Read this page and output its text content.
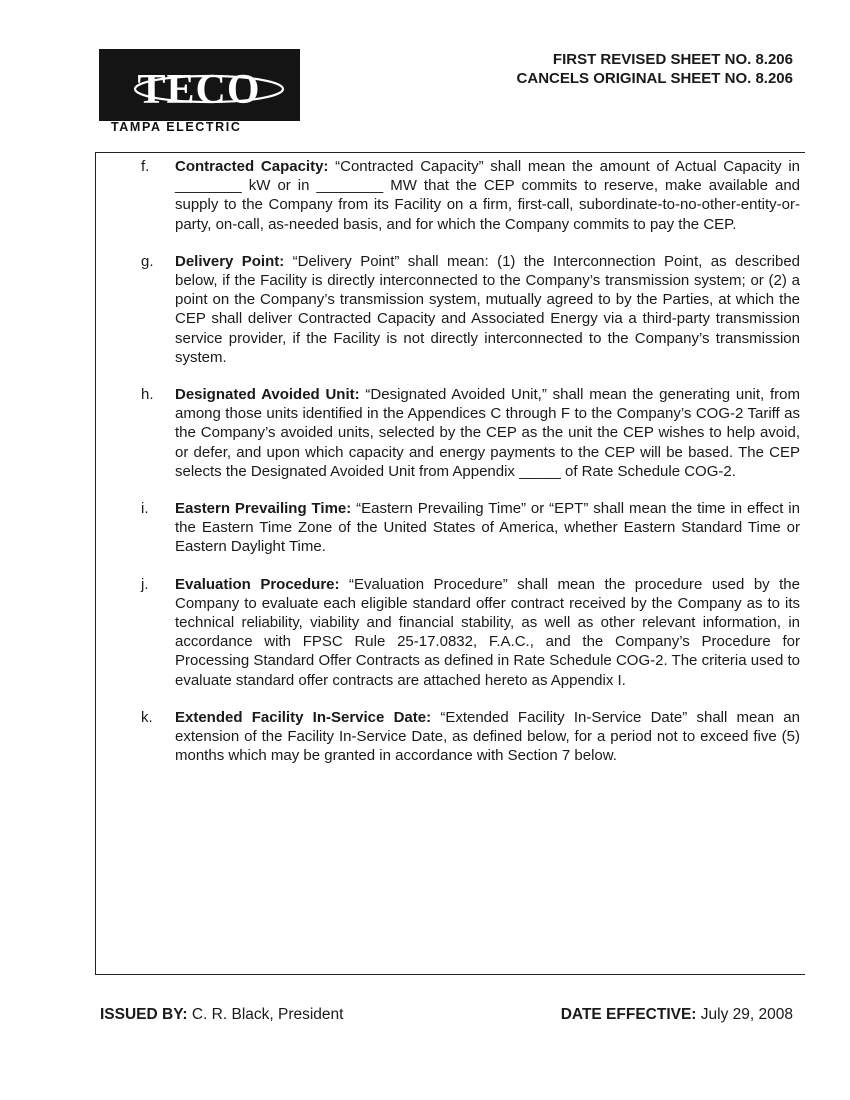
TECO
TAMPA ELECTRIC
FIRST REVISED SHEET NO. 8.206
CANCELS ORIGINAL SHEET NO. 8.206
f. Contracted Capacity: “Contracted Capacity” shall mean the amount of Actual Capacity in ________ kW or in ________ MW that the CEP commits to reserve, make available and supply to the Company from its Facility on a firm, first-call, subordinate-to-no-other-entity-or-party, on-call, as-needed basis, and for which the Company commits to pay the CEP.
g. Delivery Point: “Delivery Point” shall mean: (1) the Interconnection Point, as described below, if the Facility is directly interconnected to the Company’s transmission system; or (2) a point on the Company’s transmission system, mutually agreed to by the Parties, at which the CEP shall deliver Contracted Capacity and Associated Energy via a third-party transmission service provider, if the Facility is not directly interconnected to the Company’s transmission system.
h. Designated Avoided Unit: “Designated Avoided Unit,” shall mean the generating unit, from among those units identified in the Appendices C through F to the Company’s COG-2 Tariff as the Company’s avoided units, selected by the CEP as the unit the CEP wishes to help avoid, or defer, and upon which capacity and energy payments to the CEP will be based. The CEP selects the Designated Avoided Unit from Appendix _____ of Rate Schedule COG-2.
i. Eastern Prevailing Time: “Eastern Prevailing Time” or “EPT” shall mean the time in effect in the Eastern Time Zone of the United States of America, whether Eastern Standard Time or Eastern Daylight Time.
j. Evaluation Procedure: “Evaluation Procedure” shall mean the procedure used by the Company to evaluate each eligible standard offer contract received by the Company as to its technical reliability, viability and financial stability, as well as other relevant information, in accordance with FPSC Rule 25-17.0832, F.A.C., and the Company’s Procedure for Processing Standard Offer Contracts as defined in Rate Schedule COG-2. The criteria used to evaluate standard offer contracts are attached hereto as Appendix I.
k. Extended Facility In-Service Date: “Extended Facility In-Service Date” shall mean an extension of the Facility In-Service Date, as defined below, for a period not to exceed five (5) months which may be granted in accordance with Section 7 below.
ISSUED BY: C. R. Black, President	DATE EFFECTIVE: July 29, 2008
